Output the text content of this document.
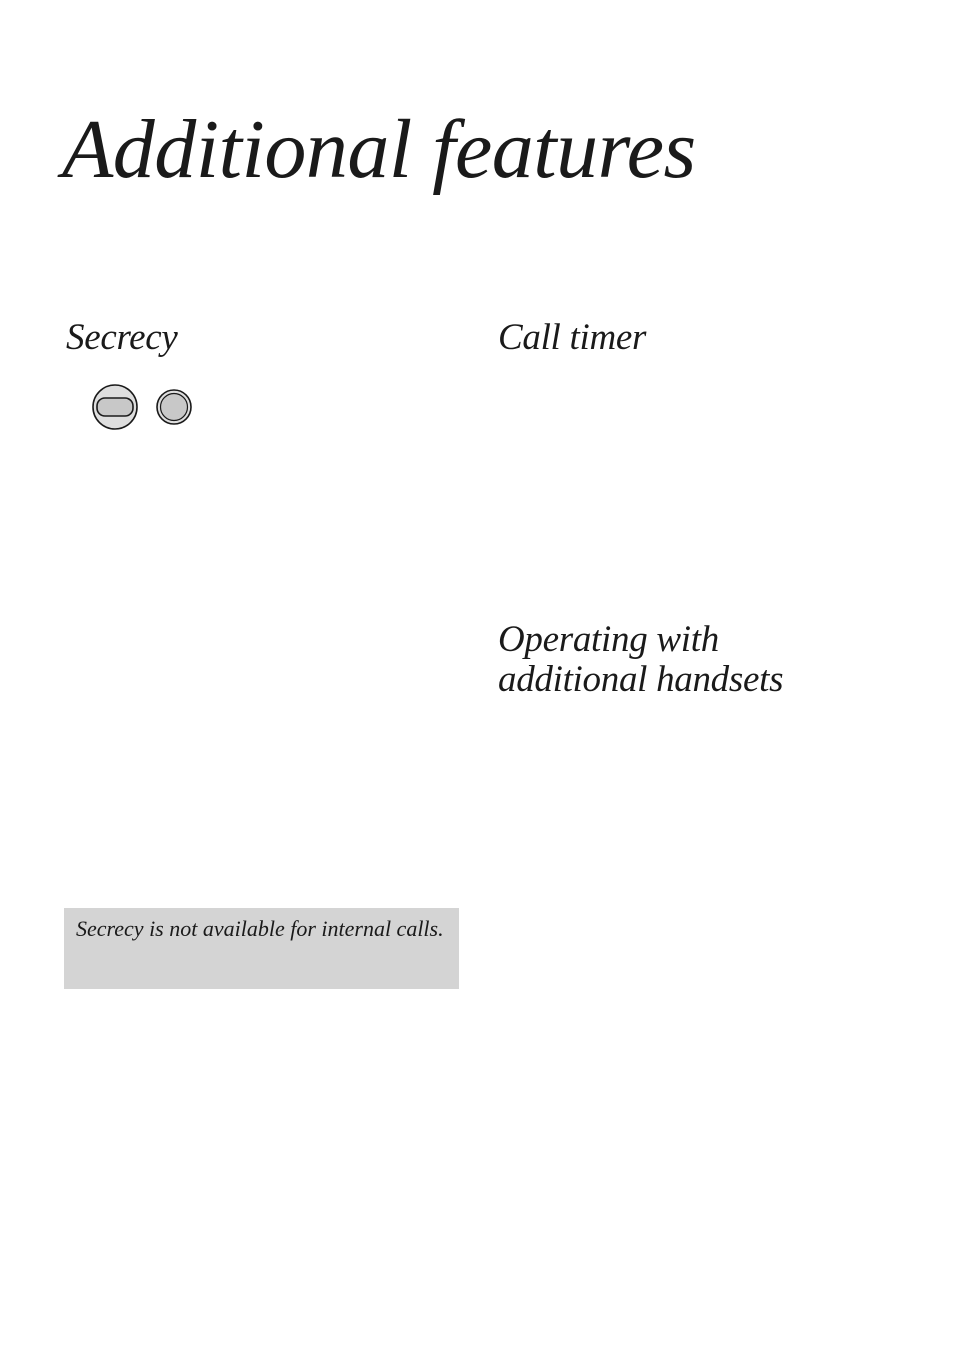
Additional features
Secrecy	Call timer
Operating with
additional handsets

Secrecy is not available for internal calls.
